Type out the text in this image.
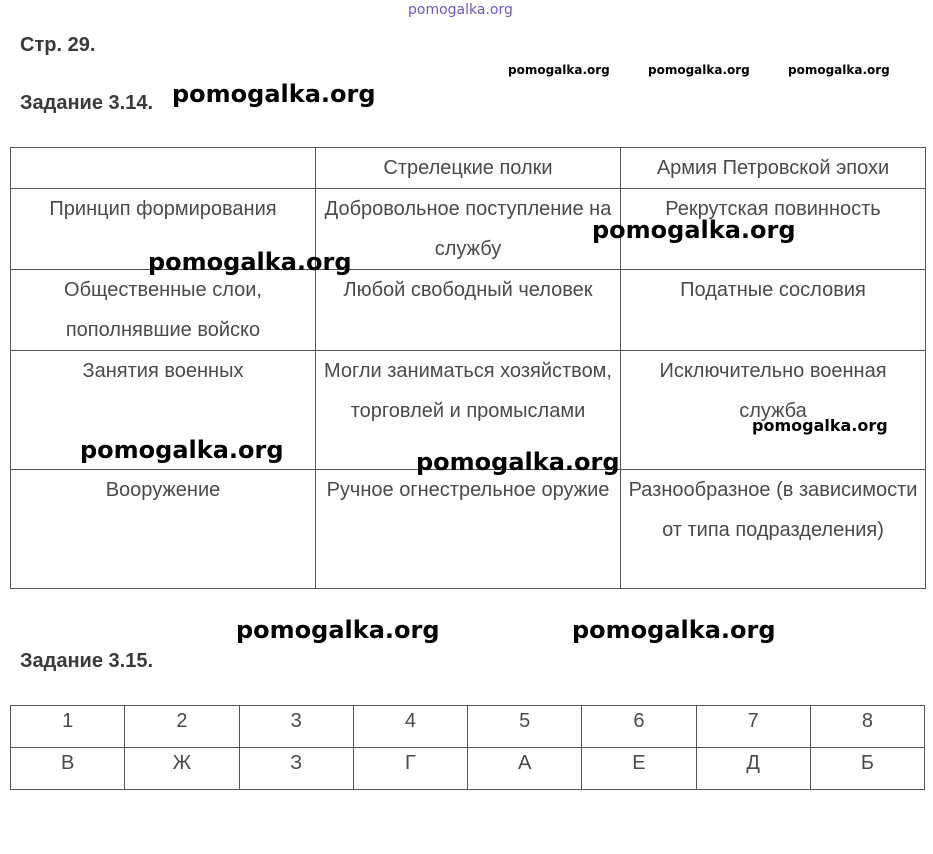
pomogalka.org
Стр. 29.
pomogalka.org	pomogalka.org	pomogalka.org
Задание 3.14. pomogalka.org
	Стрелецкие полки	Армия Петровской эпохи
Принцип формирования	Добровольное поступление на службу	Рекрутская повинность
Общественные слои, пополнявшие войско	Любой свободный человек	Податные сословия
Занятия военных	Могли заниматься хозяйством, торговлей и промыслами	Исключительно военная служба
Вооружение	Ручное огнестрельное оружие	Разнообразное (в зависимости от типа подразделения)
pomogalka.org
pomogalka.org
pomogalka.org
pomogalka.org	pomogalka.org
pomogalka.org	pomogalka.org
Задание 3.15.
1	2	3	4	5	6	7	8
В	Ж	З	Г	А	Е	Д	Б
